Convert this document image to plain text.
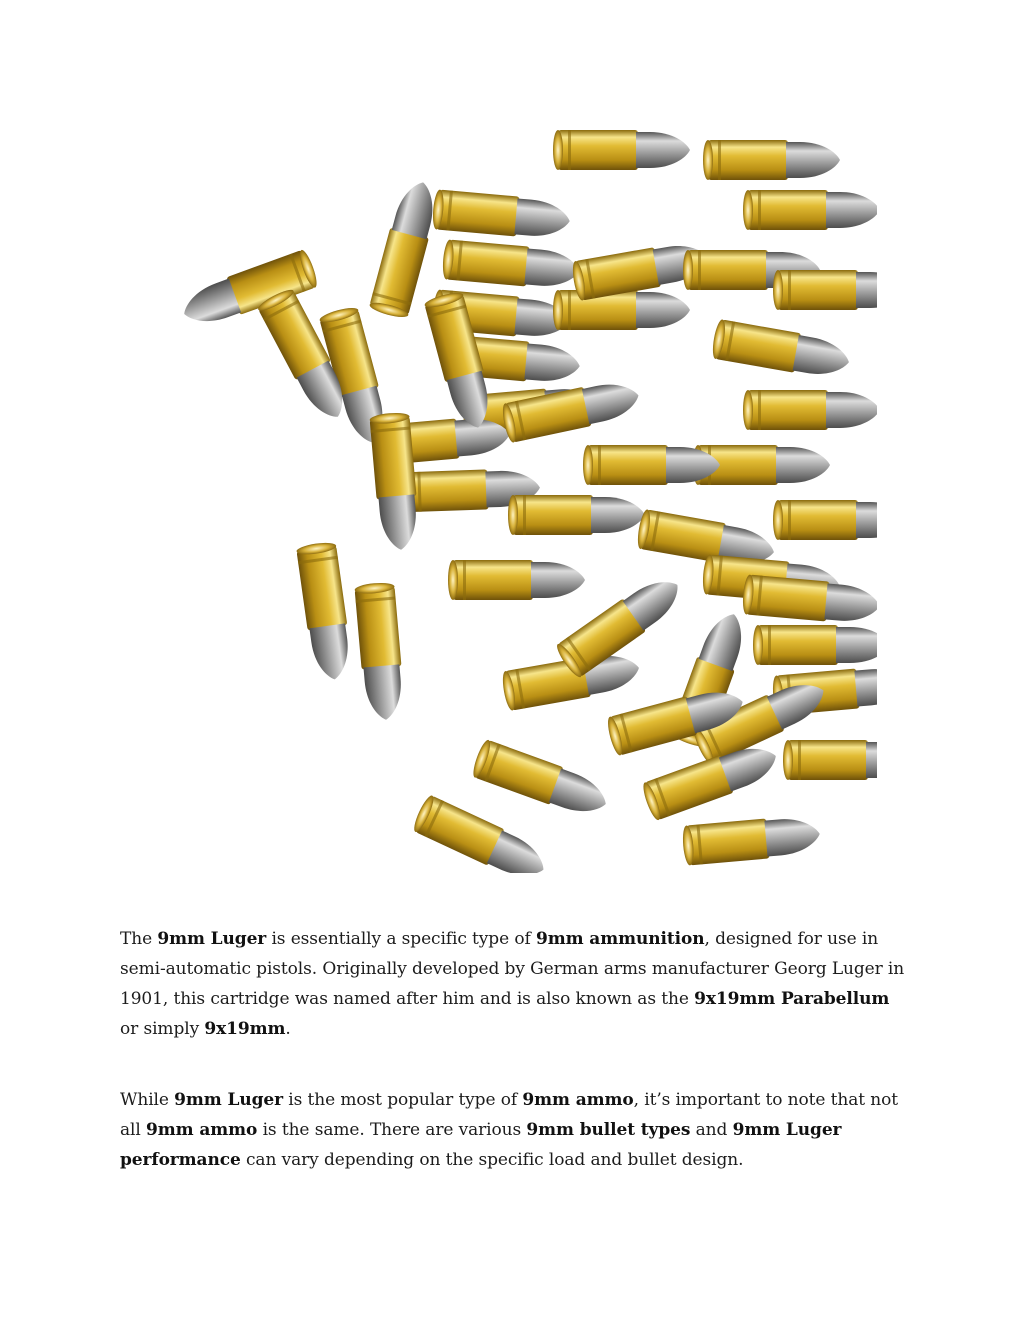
The 9mm Luger is essentially a specific type of 9mm ammunition, designed for use in semi-automatic pistols. Originally developed by German arms manufacturer Georg Luger in 1901, this cartridge was named after him and is also known as the 9x19mm Parabellum or simply 9x19mm.

While 9mm Luger is the most popular type of 9mm ammo, it’s important to note that not all 9mm ammo is the same. There are various 9mm bullet types and 9mm Luger performance can vary depending on the specific load and bullet design.
